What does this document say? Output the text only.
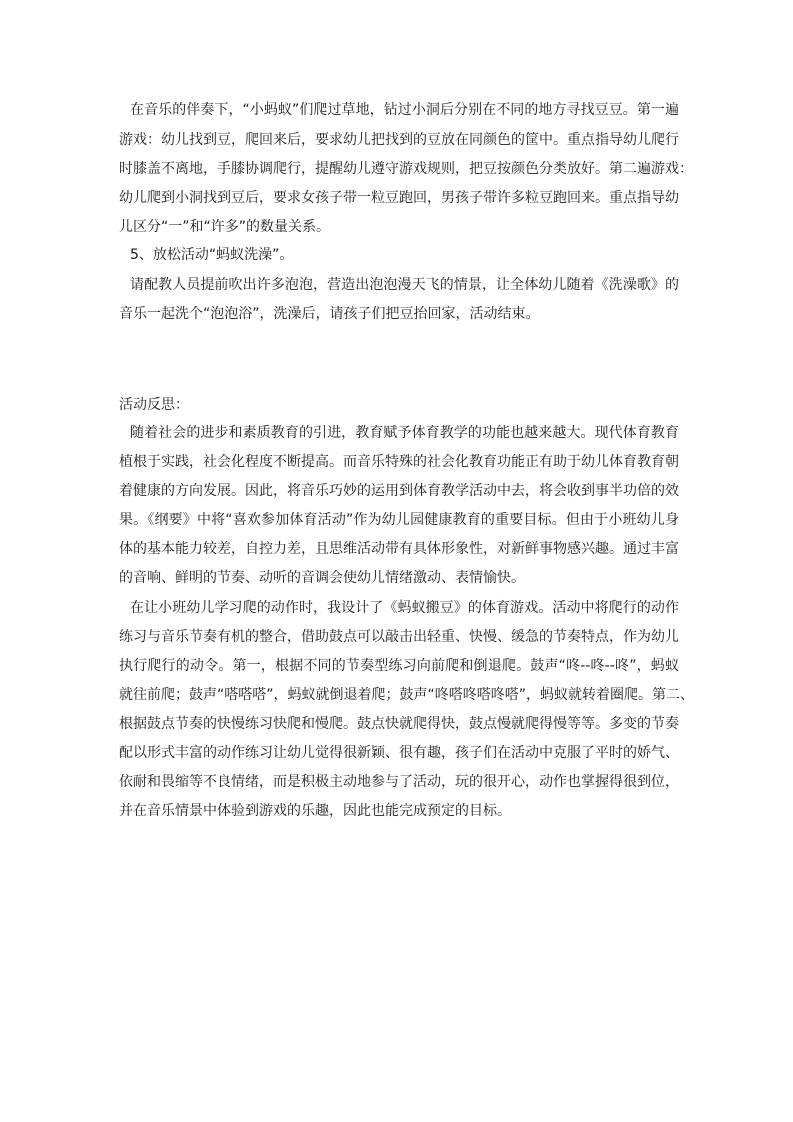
在音乐的伴奏下，“小蚂蚁”们爬过草地，钻过小洞后分别在不同的地方寻找豆豆。第一遍
游戏：幼儿找到豆，爬回来后，要求幼儿把找到的豆放在同颜色的筐中。重点指导幼儿爬行
时膝盖不离地，手膝协调爬行，提醒幼儿遵守游戏规则，把豆按颜色分类放好。第二遍游戏：
幼儿爬到小洞找到豆后，要求女孩子带一粒豆跑回，男孩子带许多粒豆跑回来。重点指导幼
儿区分“一”和“许多”的数量关系。
5、放松活动“蚂蚁洗澡”。
请配教人员提前吹出许多泡泡，营造出泡泡漫天飞的情景，让全体幼儿随着《洗澡歌》的
音乐一起洗个“泡泡浴”，洗澡后，请孩子们把豆抬回家，活动结束。
活动反思：
随着社会的进步和素质教育的引进，教育赋予体育教学的功能也越来越大。现代体育教育
植根于实践，社会化程度不断提高。而音乐特殊的社会化教育功能正有助于幼儿体育教育朝
着健康的方向发展。因此，将音乐巧妙的运用到体育教学活动中去，将会收到事半功倍的效
果。《纲要》中将“喜欢参加体育活动”作为幼儿园健康教育的重要目标。但由于小班幼儿身
体的基本能力较差，自控力差，且思维活动带有具体形象性，对新鲜事物感兴趣。通过丰富
的音响、鲜明的节奏、动听的音调会使幼儿情绪激动、表情愉快。
在让小班幼儿学习爬的动作时，我设计了《蚂蚁搬豆》的体育游戏。活动中将爬行的动作
练习与音乐节奏有机的整合，借助鼓点可以敲击出轻重、快慢、缓急的节奏特点，作为幼儿
执行爬行的动令。第一，根据不同的节奏型练习向前爬和倒退爬。鼓声“咚--咚--咚”，蚂蚁
就往前爬；鼓声“嗒嗒嗒”，蚂蚁就倒退着爬；鼓声“咚嗒咚嗒咚嗒”，蚂蚁就转着圈爬。第二、
根据鼓点节奏的快慢练习快爬和慢爬。鼓点快就爬得快，鼓点慢就爬得慢等等。多变的节奏
配以形式丰富的动作练习让幼儿觉得很新颖、很有趣，孩子们在活动中克服了平时的娇气、
依耐和畏缩等不良情绪，而是积极主动地参与了活动，玩的很开心，动作也掌握得很到位，
并在音乐情景中体验到游戏的乐趣，因此也能完成预定的目标。
